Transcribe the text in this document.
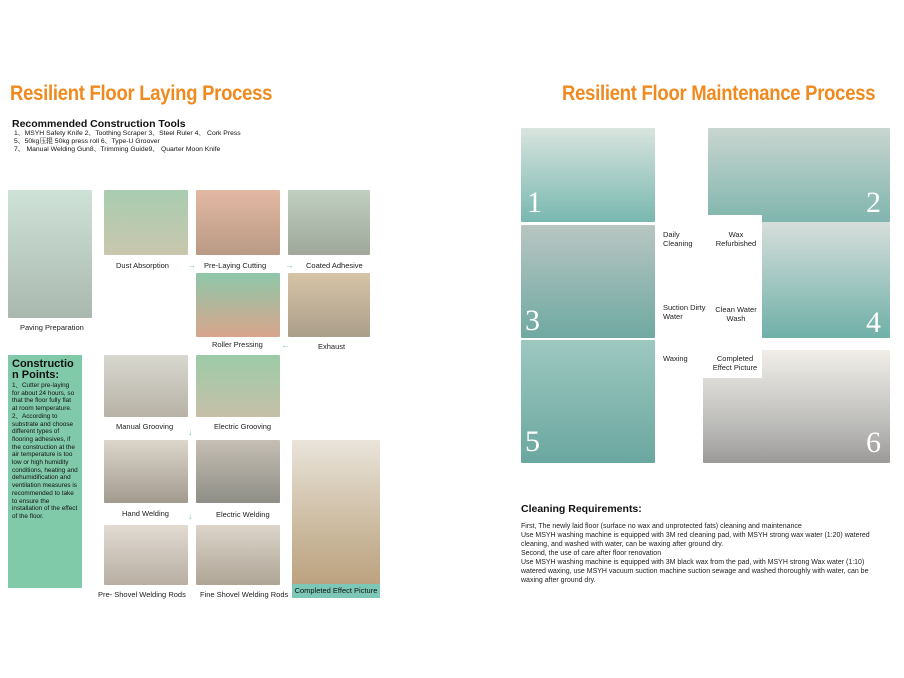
Resilient Floor Laying Process
Recommended Construction Tools
1、MSYH Safety Knife 2、Toothing Scraper 3、Steel Ruler 4、 Cork Press
5、50kg压辊 50kg press roll 6、Type-U Groover
7、 Manual Welding Gun8、Trimming Guide9、 Quarter Moon Knife
Paving Preparation
Dust Absorption → Pre-Laying Cutting → Coated Adhesive
Roller Pressing ←	Exhaust
Construction Points:
1、Cutter pre-laying for about 24 hours, so that the floor fully flat at room temperature. 2、According to substrate and choose different types of flooring adhesives, if the construction at the air temperature is too low or high humidity conditions, heating and dehumidification and ventilation measures is recommended to take to ensure the installation of the effect of the floor.
Manual Grooving	Electric Grooving
↓
Hand Welding	Electric Welding
↓
Pre- Shovel Welding Rods Fine Shovel Welding Rods Completed Effect Picture
Resilient Floor Maintenance Process
1	2
3	4
5	6
Daily Cleaning
Wax Refurbished
Suction Dirty Water
Clean Water Wash
Waxing	Completed Effect Picture
Cleaning Requirements:
First, The newly laid floor (surface no wax and unprotected fats) cleaning and maintenance
Use MSYH washing machine is equipped with 3M red cleaning pad, with MSYH strong wax water (1:20) watered cleaning, and washed with water, can be waxing after ground dry.
Second, the use of care after floor renovation
Use MSYH washing machine is equipped with 3M black wax from the pad, with MSYH strong Wax water (1:10) watered waxing, use MSYH vacuum suction machine suction sewage and washed thoroughly with water, can be waxing after ground dry.
